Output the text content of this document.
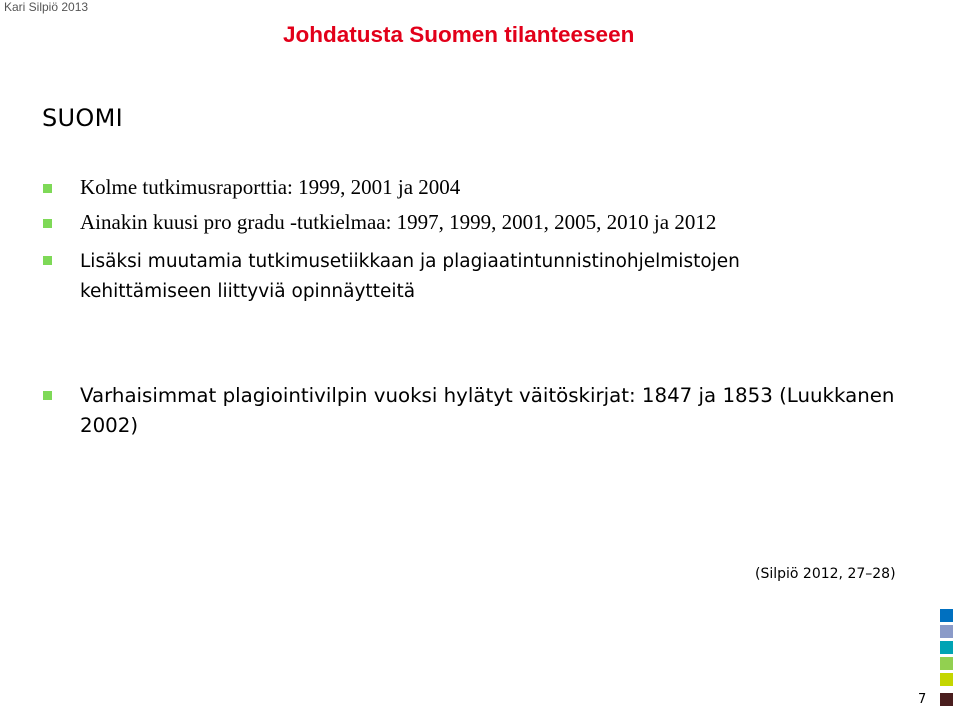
Kari Silpiö 2013
Johdatusta Suomen tilanteeseen
SUOMI
Kolme tutkimusraporttia: 1999, 2001 ja 2004
Ainakin kuusi pro gradu -tutkielmaa: 1997, 1999, 2001, 2005, 2010 ja 2012
Lisäksi muutamia tutkimusetiikkaan ja plagiaatintunnistinohjelmistojen
kehittämiseen liittyviä opinnäytteitä
Varhaisimmat plagiointivilpin vuoksi hylätyt väitöskirjat: 1847 ja 1853 (Luukkanen
2002)
(Silpiö 2012, 27–28)
7
